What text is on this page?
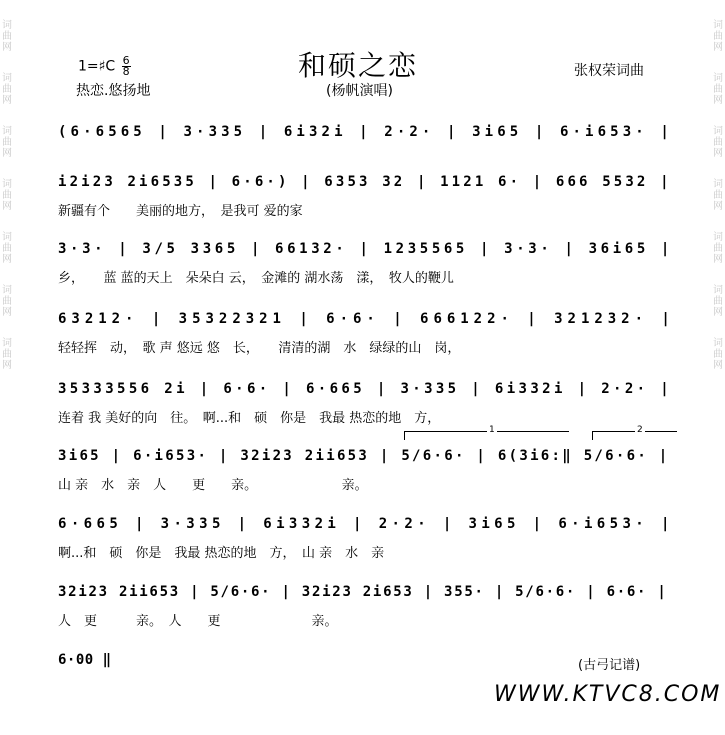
词
曲
网
词
曲
网
词
曲
网
词
曲
网
词
曲
网
词
曲
网
词
曲
网
词
曲
网
词
曲
网
词
曲
网
词
曲
网
词
曲
网
词
曲
网
词
曲
网
和硕之恋
1=♯C $\frac{6}{8}$
热恋.悠扬地	(杨帆演唱)
张权荣词曲
(6·6565 | 3·335 | 6i32i | 2·2· | 3i65 | 6·i653· |
i2i23 2i6535 | 6·6·) | 6353 32 | 1121 6· | 666 5532 |
新疆有个　　美丽的地方，　是我可 爱的家
3·3· | 3/5 3365 | 66132· | 1235565 | 3·3· | 36i65 |
乡，　　蓝 蓝的天上　朵朵白 云，　金滩的 湖水荡　漾，　牧人的鞭儿
63212· | 35322321 | 6·6· | 666122· | 321232· |
轻轻挥　动，　歌 声 悠远 悠　长，　　清清的湖　水　绿绿的山　岗，
35333556 2i | 6·6· | 6·665 | 3·335 | 6i332i | 2·2· |
连着 我 美好的向　往。　啊...和　硕　你是　我最 热恋的地　方，
3i65 | 6·i653· | 32i23 2ii653 | 5/6·6· | 6(3i6:‖ 5/6·6· |
山 亲　水　亲　人　　更　　亲。　　　　　　　亲。
6·665 | 3·335 | 6i332i | 2·2· | 3i65 | 6·i653· |
啊...和　硕　你是　我最 热恋的地　方，　山 亲　水　亲
32i23 2ii653 | 5/6·6· | 32i23 2i653 | 355· | 5/6·6· | 6·6· |
人　更　　　亲。　人　　更　　　　　　　亲。
6·00 ‖
1	2
(古弓记谱)
WWW.KTVC8.COM
